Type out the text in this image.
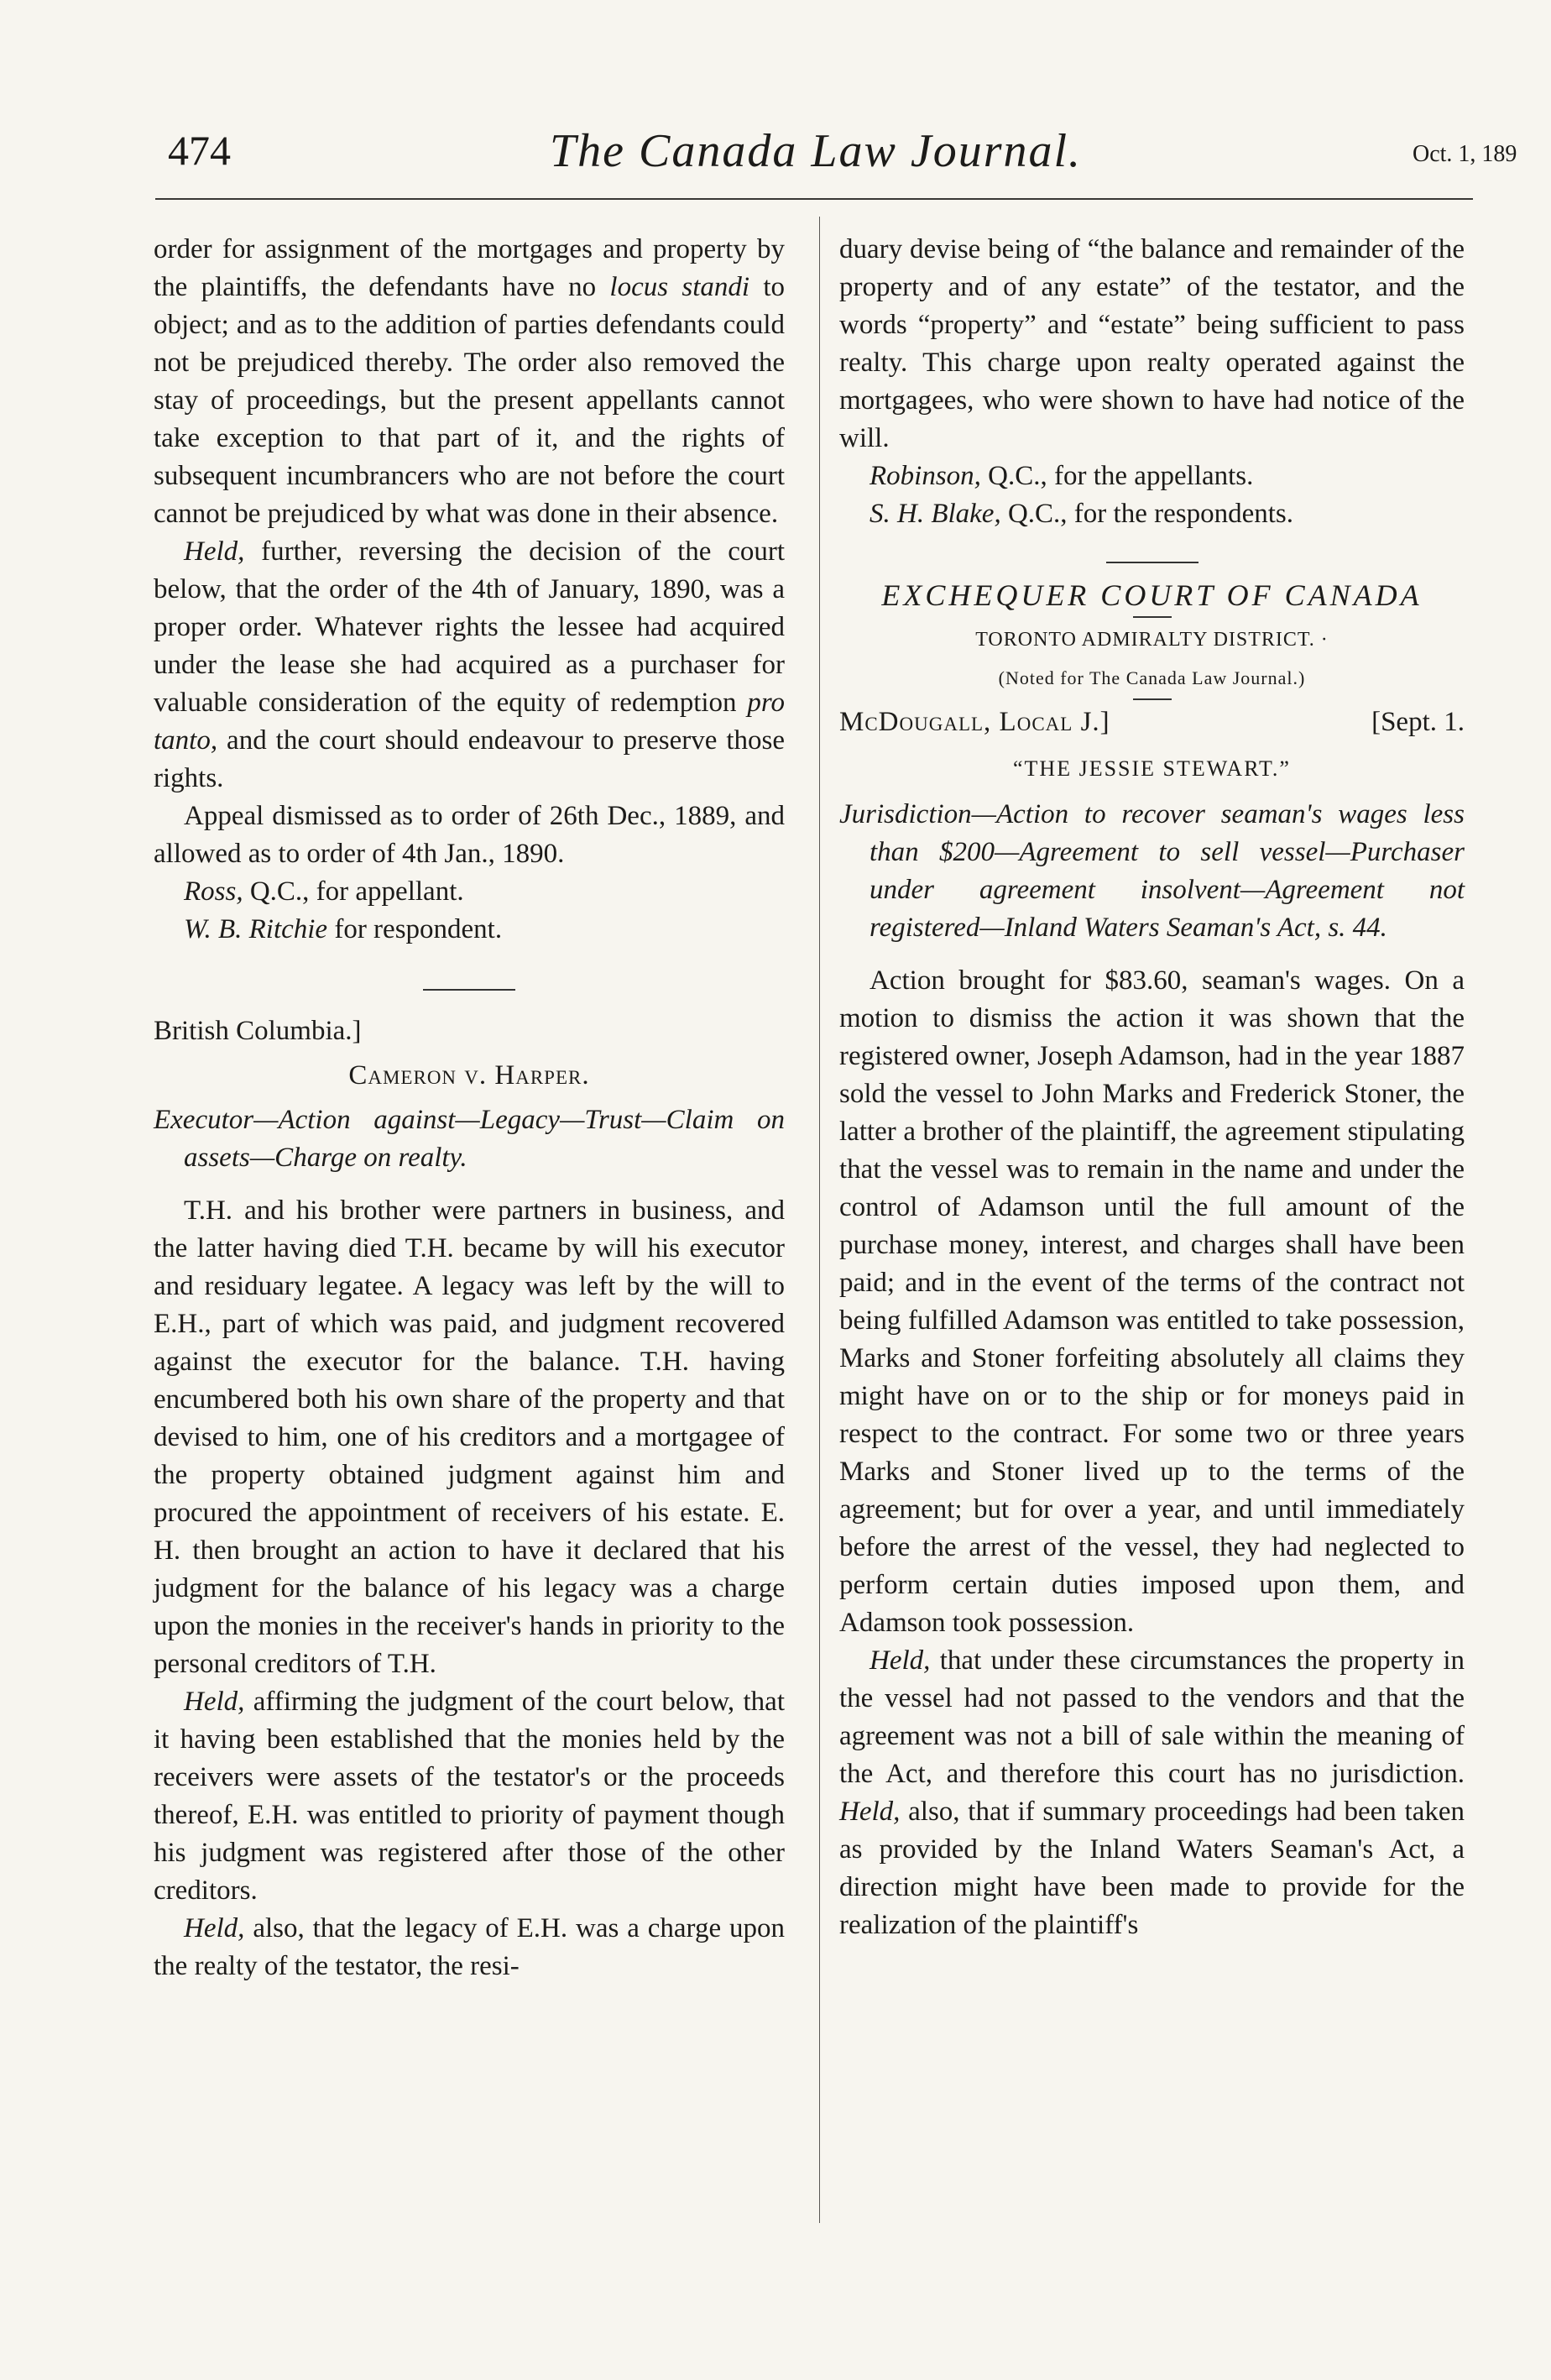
474	The Canada Law Journal.	Oct. 1, 189

order for assignment of the mortgages and property by the plaintiffs, the defendants have no locus standi to object; and as to the addition of parties defendants could not be prejudiced thereby. The order also removed the stay of proceedings, but the present appellants cannot take exception to that part of it, and the rights of subsequent incumbrancers who are not before the court cannot be prejudiced by what was done in their absence.

Held, further, reversing the decision of the court below, that the order of the 4th of January, 1890, was a proper order. Whatever rights the lessee had acquired under the lease she had acquired as a purchaser for valuable consideration of the equity of redemption pro tanto, and the court should endeavour to preserve those rights.

Appeal dismissed as to order of 26th Dec., 1889, and allowed as to order of 4th Jan., 1890.

Ross, Q.C., for appellant.

W. B. Ritchie for respondent.

British Columbia.]

Cameron v. Harper.

Executor—Action against—Legacy—Trust—Claim on assets—Charge on realty.

T.H. and his brother were partners in business, and the latter having died T.H. became by will his executor and residuary legatee. A legacy was left by the will to E.H., part of which was paid, and judgment recovered against the executor for the balance. T.H. having encumbered both his own share of the property and that devised to him, one of his creditors and a mortgagee of the property obtained judgment against him and procured the appointment of receivers of his estate. E. H. then brought an action to have it declared that his judgment for the balance of his legacy was a charge upon the monies in the receiver's hands in priority to the personal creditors of T.H.

Held, affirming the judgment of the court below, that it having been established that the monies held by the receivers were assets of the testator's or the proceeds thereof, E.H. was entitled to priority of payment though his judgment was registered after those of the other creditors.

Held, also, that the legacy of E.H. was a charge upon the realty of the testator, the resi-

duary devise being of “the balance and remainder of the property and of any estate” of the testator, and the words “property” and “estate” being sufficient to pass realty. This charge upon realty operated against the mortgagees, who were shown to have had notice of the will.

Robinson, Q.C., for the appellants.

S. H. Blake, Q.C., for the respondents.

EXCHEQUER COURT OF CANADA

TORONTO ADMIRALTY DISTRICT. ·

(Noted for The Canada Law Journal.)

McDougall, Local J.]	[Sept. 1.

“THE JESSIE STEWART.”

Jurisdiction—Action to recover seaman's wages less than $200—Agreement to sell vessel—Purchaser under agreement insolvent—Agreement not registered—Inland Waters Seaman's Act, s. 44.

Action brought for $83.60, seaman's wages. On a motion to dismiss the action it was shown that the registered owner, Joseph Adamson, had in the year 1887 sold the vessel to John Marks and Frederick Stoner, the latter a brother of the plaintiff, the agreement stipulating that the vessel was to remain in the name and under the control of Adamson until the full amount of the purchase money, interest, and charges shall have been paid; and in the event of the terms of the contract not being fulfilled Adamson was entitled to take possession, Marks and Stoner forfeiting absolutely all claims they might have on or to the ship or for moneys paid in respect to the contract. For some two or three years Marks and Stoner lived up to the terms of the agreement; but for over a year, and until immediately before the arrest of the vessel, they had neglected to perform certain duties imposed upon them, and Adamson took possession.

Held, that under these circumstances the property in the vessel had not passed to the vendors and that the agreement was not a bill of sale within the meaning of the Act, and therefore this court has no jurisdiction. Held, also, that if summary proceedings had been taken as provided by the Inland Waters Seaman's Act, a direction might have been made to provide for the realization of the plaintiff's
